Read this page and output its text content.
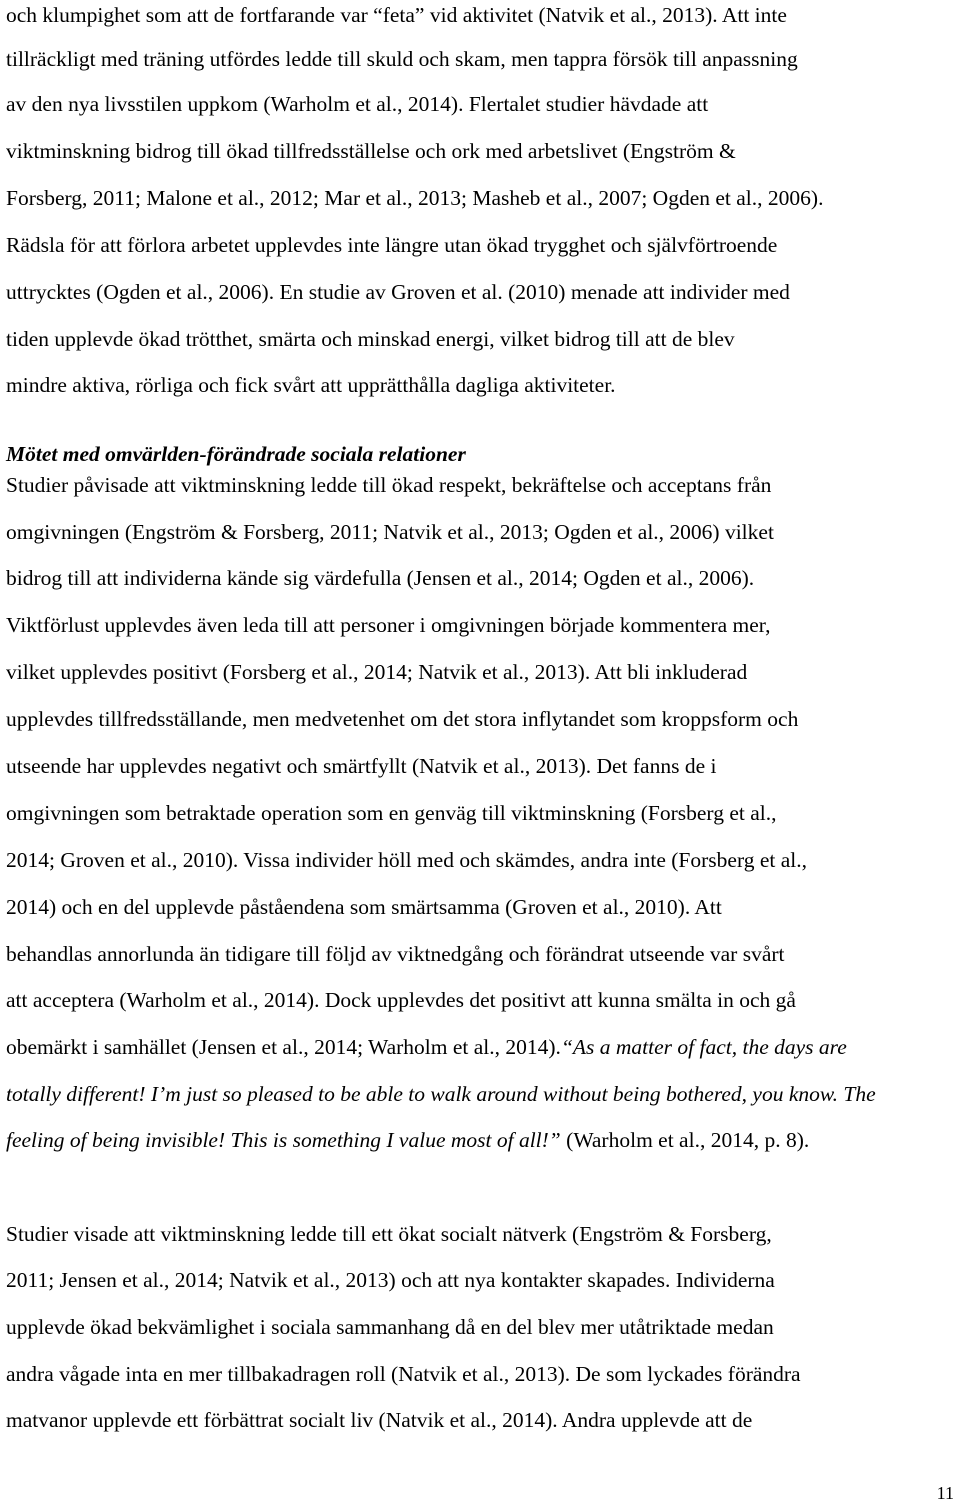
och klumpighet som att de fortfarande var “feta” vid aktivitet (Natvik et al., 2013). Att inte
tillräckligt med träning utfördes ledde till skuld och skam, men tappra försök till anpassning
av den nya livsstilen uppkom (Warholm et al., 2014). Flertalet studier hävdade att
viktminskning bidrog till ökad tillfredsställelse och ork med arbetslivet (Engström &
Forsberg, 2011; Malone et al., 2012; Mar et al., 2013; Masheb et al., 2007; Ogden et al., 2006).
Rädsla för att förlora arbetet upplevdes inte längre utan ökad trygghet och självförtroende
uttrycktes (Ogden et al., 2006). En studie av Groven et al. (2010) menade att individer med
tiden upplevde ökad trötthet, smärta och minskad energi, vilket bidrog till att de blev
mindre aktiva, rörliga och fick svårt att upprätthålla dagliga aktiviteter.
Mötet med omvärlden-förändrade sociala relationer
Studier påvisade att viktminskning ledde till ökad respekt, bekräftelse och acceptans från
omgivningen (Engström & Forsberg, 2011; Natvik et al., 2013; Ogden et al., 2006) vilket
bidrog till att individerna kände sig värdefulla (Jensen et al., 2014; Ogden et al., 2006).
Viktförlust upplevdes även leda till att personer i omgivningen började kommentera mer,
vilket upplevdes positivt (Forsberg et al., 2014; Natvik et al., 2013). Att bli inkluderad
upplevdes tillfredsställande, men medvetenhet om det stora inflytandet som kroppsform och
utseende har upplevdes negativt och smärtfyllt (Natvik et al., 2013). Det fanns de i
omgivningen som betraktade operation som en genväg till viktminskning (Forsberg et al.,
2014; Groven et al., 2010). Vissa individer höll med och skämdes, andra inte (Forsberg et al.,
2014) och en del upplevde påståendena som smärtsamma (Groven et al., 2010). Att
behandlas annorlunda än tidigare till följd av viktnedgång och förändrat utseende var svårt
att acceptera (Warholm et al., 2014). Dock upplevdes det positivt att kunna smälta in och gå
obemärkt i samhället (Jensen et al., 2014; Warholm et al., 2014).“As a matter of fact, the days are
totally different! I’m just so pleased to be able to walk around without being bothered, you know. The
feeling of being invisible! This is something I value most of all!” (Warholm et al., 2014, p. 8).
Studier visade att viktminskning ledde till ett ökat socialt nätverk (Engström & Forsberg,
2011; Jensen et al., 2014; Natvik et al., 2013) och att nya kontakter skapades. Individerna
upplevde ökad bekvämlighet i sociala sammanhang då en del blev mer utåtriktade medan
andra vågade inta en mer tillbakadragen roll (Natvik et al., 2013). De som lyckades förändra
matvanor upplevde ett förbättrat socialt liv (Natvik et al., 2014). Andra upplevde att de
11
